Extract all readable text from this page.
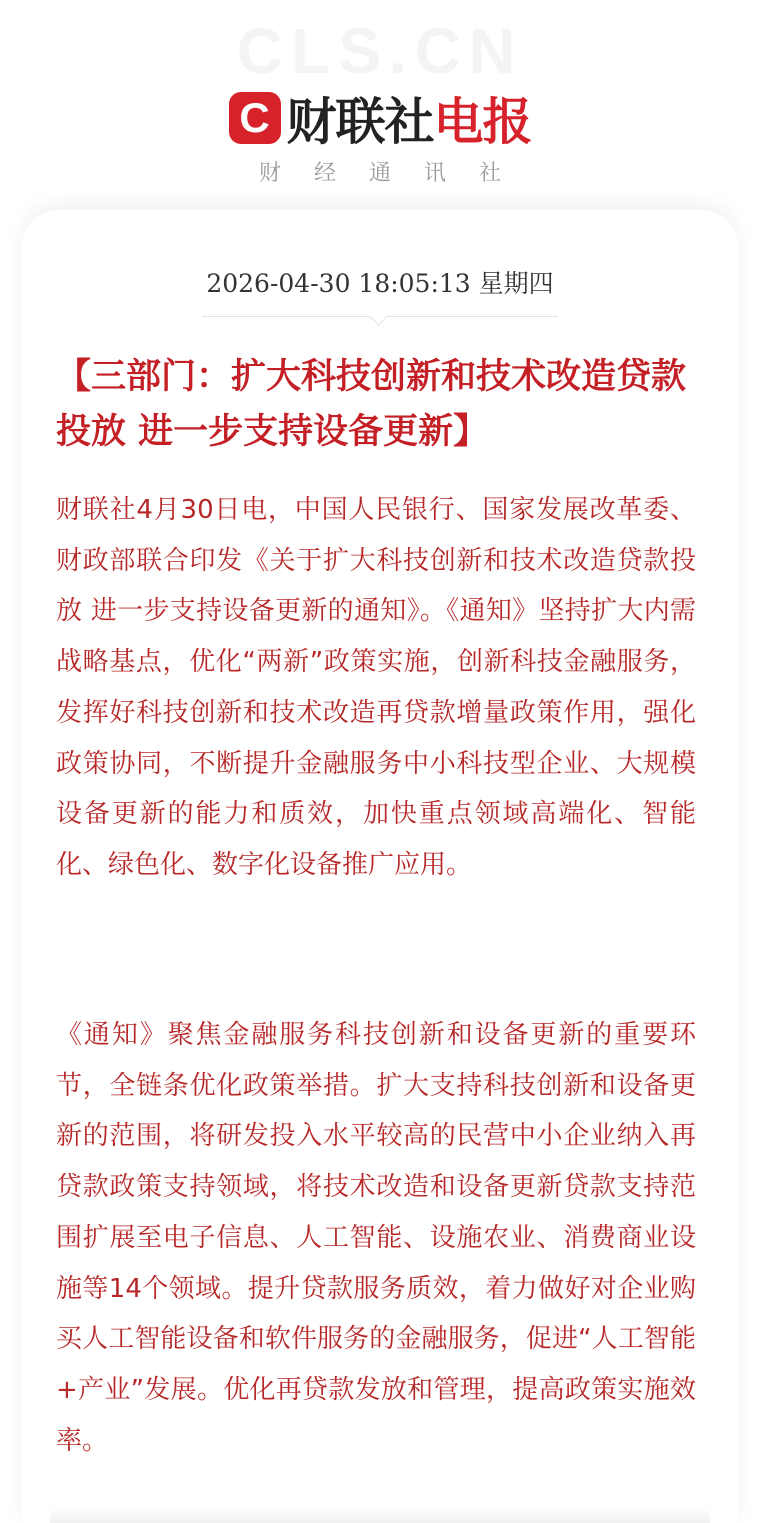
CLS.CN
C 财联社 电报
财经通讯社
2026-04-30 18:05:13 星期四
【三部门：扩大科技创新和技术改造贷款投放 进一步支持设备更新】

财联社4月30日电，中国人民银行、国家发展改革委、财政部联合印发《关于扩大科技创新和技术改造贷款投放 进一步支持设备更新的通知》。《通知》坚持扩大内需战略基点，优化“两新”政策实施，创新科技金融服务，发挥好科技创新和技术改造再贷款增量政策作用，强化政策协同，不断提升金融服务中小科技型企业、大规模设备更新的能力和质效，加快重点领域高端化、智能化、绿色化、数字化设备推广应用。

《通知》聚焦金融服务科技创新和设备更新的重要环节，全链条优化政策举措。扩大支持科技创新和设备更新的范围，将研发投入水平较高的民营中小企业纳入再贷款政策支持领域，将技术改造和设备更新贷款支持范围扩展至电子信息、人工智能、设施农业、消费商业设施等14个领域。提升贷款服务质效，着力做好对企业购买人工智能设备和软件服务的金融服务，促进“人工智能+产业”发展。优化再贷款发放和管理，提高政策实施效率。
